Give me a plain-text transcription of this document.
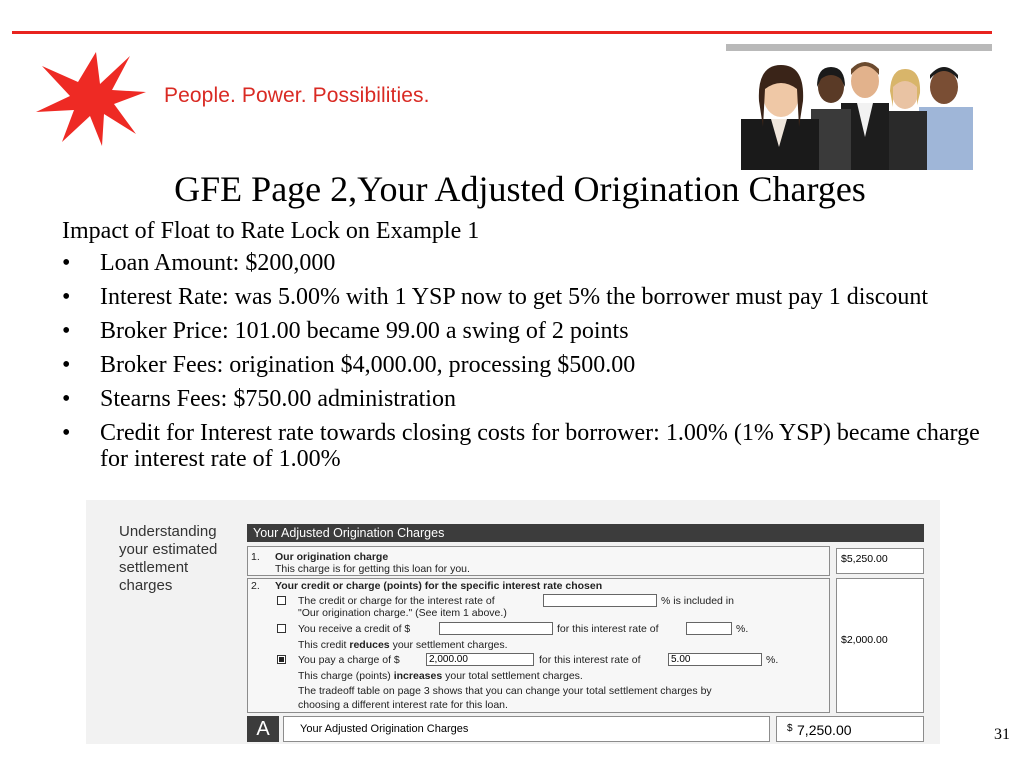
People. Power. Possibilities.
GFE Page 2,Your Adjusted Origination Charges
Impact of Float to Rate Lock on Example 1
• Loan Amount: $200,000
• Interest Rate: was 5.00% with 1 YSP now to get 5% the borrower must pay 1 discount
• Broker Price: 101.00 became 99.00 a swing of 2 points
• Broker Fees: origination $4,000.00, processing $500.00
• Stearns Fees: $750.00 administration
• Credit for Interest rate towards closing costs for borrower: 1.00% (1% YSP) became charge for interest rate of 1.00%
Understanding your estimated settlement charges
Your Adjusted Origination Charges
1. Our origination charge
This charge is for getting this loan for you.
$5,250.00
2. Your credit or charge (points) for the specific interest rate chosen
$2,000.00
The credit or charge for the interest rate of	% is included in
"Our origination charge." (See item 1 above.)
You receive a credit of $	for this interest rate of	%.
This credit reduces your settlement charges.
You pay a charge of $	2,000.00	for this interest rate of	5.00	%.
This charge (points) increases your total settlement charges.
The tradeoff table on page 3 shows that you can change your total settlement charges by
choosing a different interest rate for this loan.
A	Your Adjusted Origination Charges	$ 7,250.00	31
